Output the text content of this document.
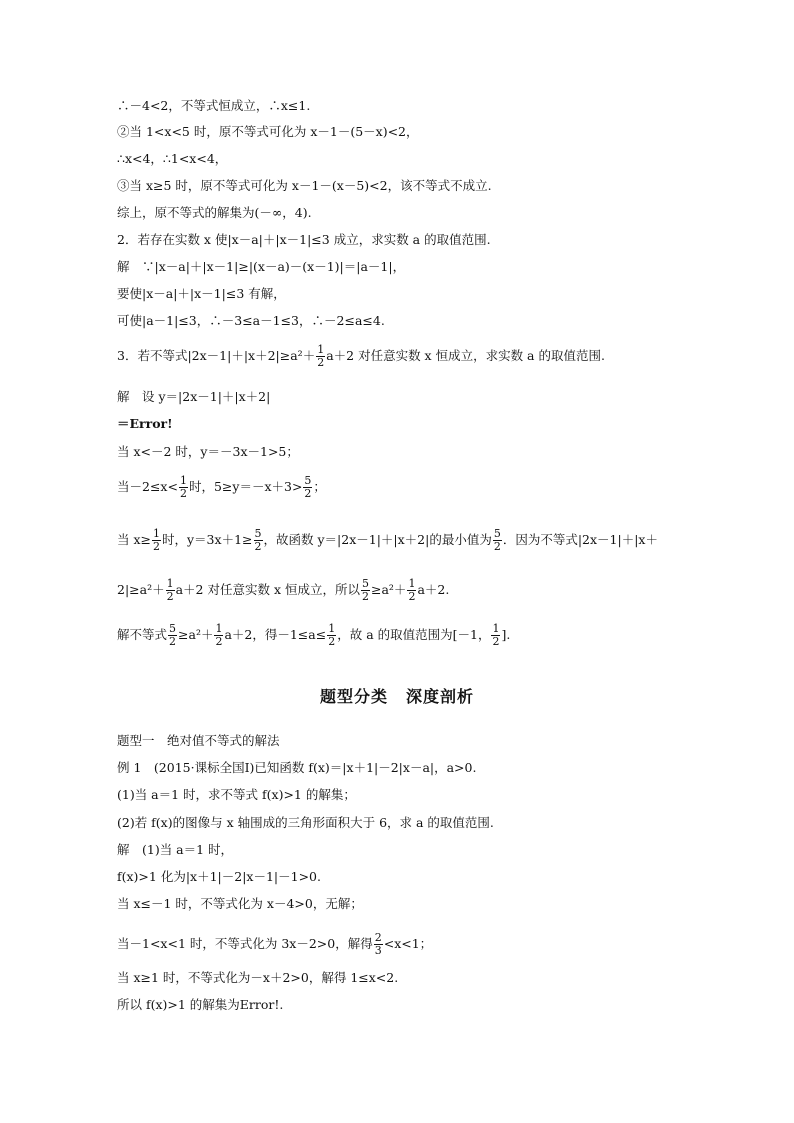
∴－4<2，不等式恒成立，∴x≤1.
②当 1<x<5 时，原不等式可化为 x－1－(5－x)<2，
∴x<4，∴1<x<4，
③当 x≥5 时，原不等式可化为 x－1－(x－5)<2，该不等式不成立.
综上，原不等式的解集为(－∞，4).
2．若存在实数 x 使|x－a|＋|x－1|≤3 成立，求实数 a 的取值范围.
解　∵|x－a|＋|x－1|≥|(x－a)－(x－1)|＝|a－1|，
要使|x－a|＋|x－1|≤3 有解，
可使|a－1|≤3，∴－3≤a－1≤3，∴－2≤a≤4.
3．若不等式$|2x-1|+|x+2|\ge a^2+ \frac{1}{2} a+2$ 对任意实数 x 恒成立，求实数 a 的取值范围.
解　设 y＝|2x－1|＋|x＋2|
＝Error!
当 x<－2 时，y＝－3x－1>5；
当$-2\le x< \frac{1}{2}$ 时，$5\ge y=-x+3> \frac{5}{2}$ ；
当 $x\ge \frac{1}{2}$ 时，$y=3x+1\ge \frac{5}{2}$ ，故函数 y＝|2x－1|＋|x＋2|的最小值为 $\frac{5}{2}$ ．因为不等式|2x－1|＋|x＋
$2|\ge a^2+ \frac{1}{2} a+2$ 对任意实数 x 恒成立，所以 $\frac{5}{2} \ge a^2+ \frac{1}{2} a+2$.
解不等式 $\frac{5}{2} \ge a^2+ \frac{1}{2} a+2$，得$-1\le a\le \frac{1}{2}$ ，故 a 的取值范围为[－1， $\frac{1}{2}$ ].
题型分类 深度剖析
题型一　绝对值不等式的解法
例 1　(2015·课标全国Ⅰ)已知函数 f(x)＝|x＋1|－2|x－a|，a>0.
(1)当 a＝1 时，求不等式 f(x)>1 的解集；
(2)若 f(x)的图像与 x 轴围成的三角形面积大于 6，求 a 的取值范围.
解　(1)当 a＝1 时，
f(x)>1 化为|x＋1|－2|x－1|－1>0.
当 x≤－1 时，不等式化为 x－4>0，无解；
当－1<x<1 时，不等式化为 3x－2>0，解得 $\frac{2}{3} <x<1$；
当 x≥1 时，不等式化为－x＋2>0，解得 1≤x<2.
所以 f(x)>1 的解集为Error!.
